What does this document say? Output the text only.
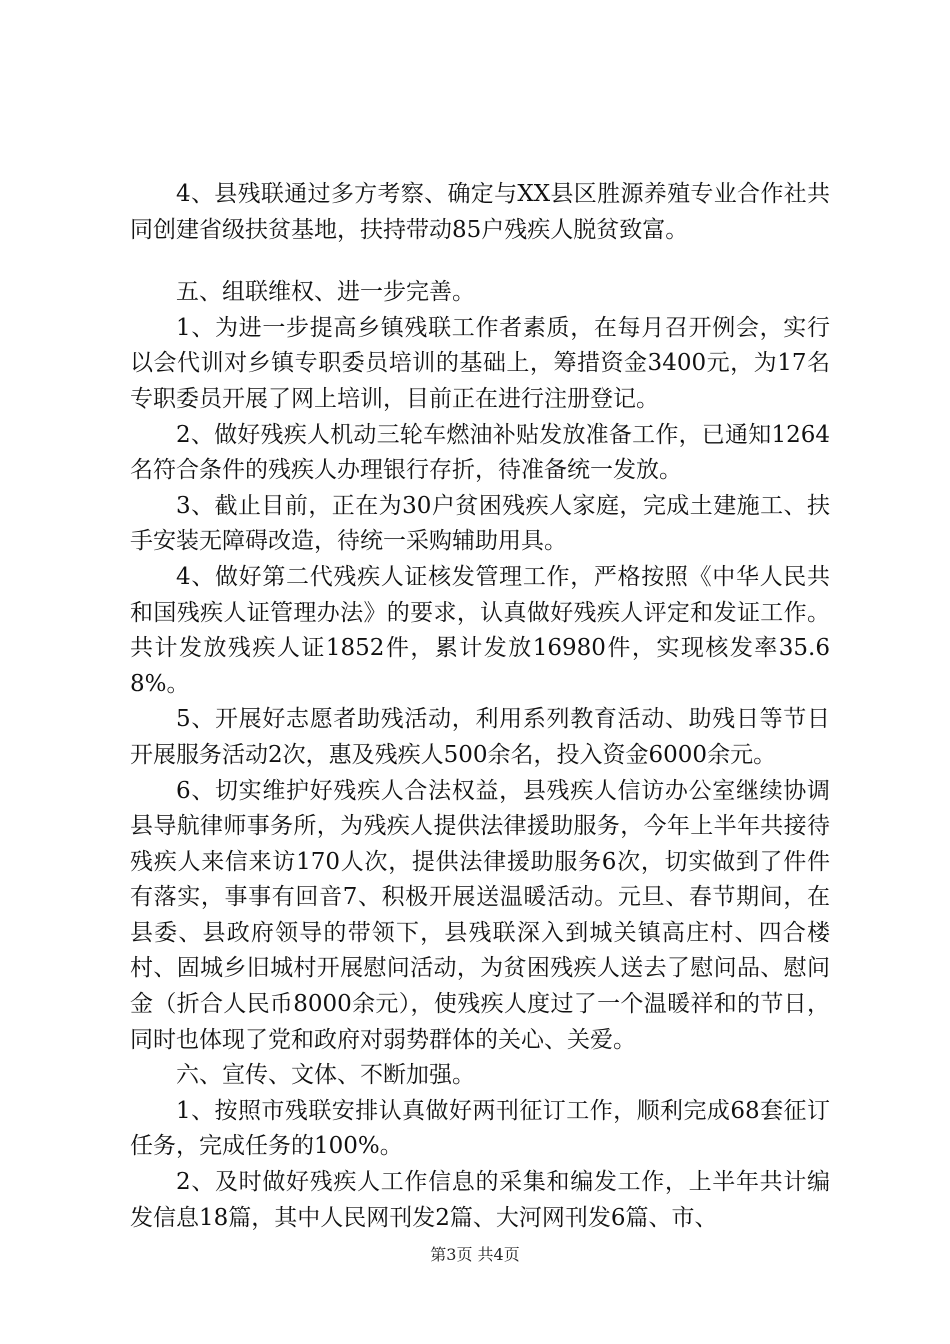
4、县残联通过多方考察、确定与XX县区胜源养殖专业合作社共同创建省级扶贫基地，扶持带动85户残疾人脱贫致富。

五、组联维权、进一步完善。

1、为进一步提高乡镇残联工作者素质，在每月召开例会，实行以会代训对乡镇专职委员培训的基础上，筹措资金3400元，为17名专职委员开展了网上培训，目前正在进行注册登记。

2、做好残疾人机动三轮车燃油补贴发放准备工作，已通知1264名符合条件的残疾人办理银行存折，待准备统一发放。

3、截止目前，正在为30户贫困残疾人家庭，完成土建施工、扶手安装无障碍改造，待统一采购辅助用具。

4、做好第二代残疾人证核发管理工作，严格按照《中华人民共和国残疾人证管理办法》的要求，认真做好残疾人评定和发证工作。共计发放残疾人证1852件，累计发放16980件，实现核发率35.68%。

5、开展好志愿者助残活动，利用系列教育活动、助残日等节日开展服务活动2次，惠及残疾人500余名，投入资金6000余元。

6、切实维护好残疾人合法权益，县残疾人信访办公室继续协调县导航律师事务所，为残疾人提供法律援助服务，今年上半年共接待残疾人来信来访170人次，提供法律援助服务6次，切实做到了件件有落实，事事有回音7、积极开展送温暖活动。元旦、春节期间，在县委、县政府领导的带领下，县残联深入到城关镇高庄村、四合楼村、固城乡旧城村开展慰问活动，为贫困残疾人送去了慰问品、慰问金（折合人民币8000余元），使残疾人度过了一个温暖祥和的节日，同时也体现了党和政府对弱势群体的关心、关爱。

六、宣传、文体、不断加强。

1、按照市残联安排认真做好两刊征订工作，顺利完成68套征订任务，完成任务的100%。

2、及时做好残疾人工作信息的采集和编发工作，上半年共计编发信息18篇，其中人民网刊发2篇、大河网刊发6篇、市、

第3页 共4页
